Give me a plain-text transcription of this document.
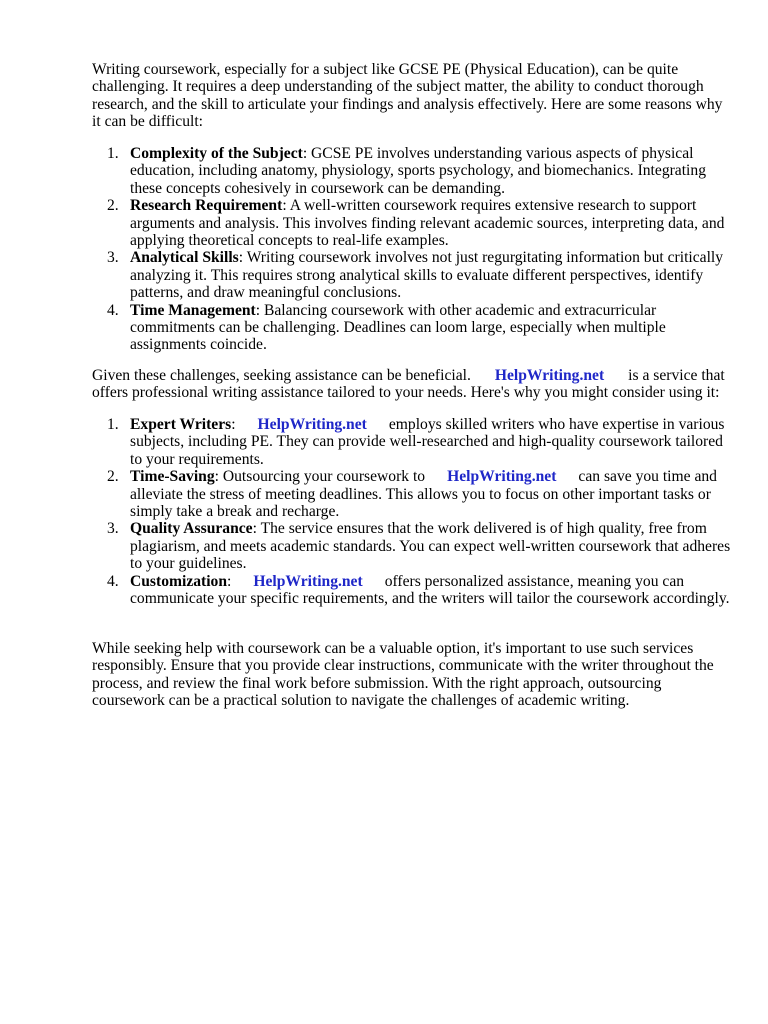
Writing coursework, especially for a subject like GCSE PE (Physical Education), can be quite challenging. It requires a deep understanding of the subject matter, the ability to conduct thorough research, and the skill to articulate your findings and analysis effectively. Here are some reasons why it can be difficult:

1. Complexity of the Subject: GCSE PE involves understanding various aspects of physical education, including anatomy, physiology, sports psychology, and biomechanics. Integrating these concepts cohesively in coursework can be demanding.
2. Research Requirement: A well-written coursework requires extensive research to support arguments and analysis. This involves finding relevant academic sources, interpreting data, and applying theoretical concepts to real-life examples.
3. Analytical Skills: Writing coursework involves not just regurgitating information but critically analyzing it. This requires strong analytical skills to evaluate different perspectives, identify patterns, and draw meaningful conclusions.
4. Time Management: Balancing coursework with other academic and extracurricular commitments can be challenging. Deadlines can loom large, especially when multiple assignments coincide.

Given these challenges, seeking assistance can be beneficial. HelpWriting.net is a service that offers professional writing assistance tailored to your needs. Here's why you might consider using it:

1. Expert Writers: HelpWriting.net employs skilled writers who have expertise in various subjects, including PE. They can provide well-researched and high-quality coursework tailored to your requirements.
2. Time-Saving: Outsourcing your coursework to HelpWriting.net can save you time and alleviate the stress of meeting deadlines. This allows you to focus on other important tasks or simply take a break and recharge.
3. Quality Assurance: The service ensures that the work delivered is of high quality, free from plagiarism, and meets academic standards. You can expect well-written coursework that adheres to your guidelines.
4. Customization: HelpWriting.net offers personalized assistance, meaning you can communicate your specific requirements, and the writers will tailor the coursework accordingly.

While seeking help with coursework can be a valuable option, it's important to use such services responsibly. Ensure that you provide clear instructions, communicate with the writer throughout the process, and review the final work before submission. With the right approach, outsourcing coursework can be a practical solution to navigate the challenges of academic writing.
